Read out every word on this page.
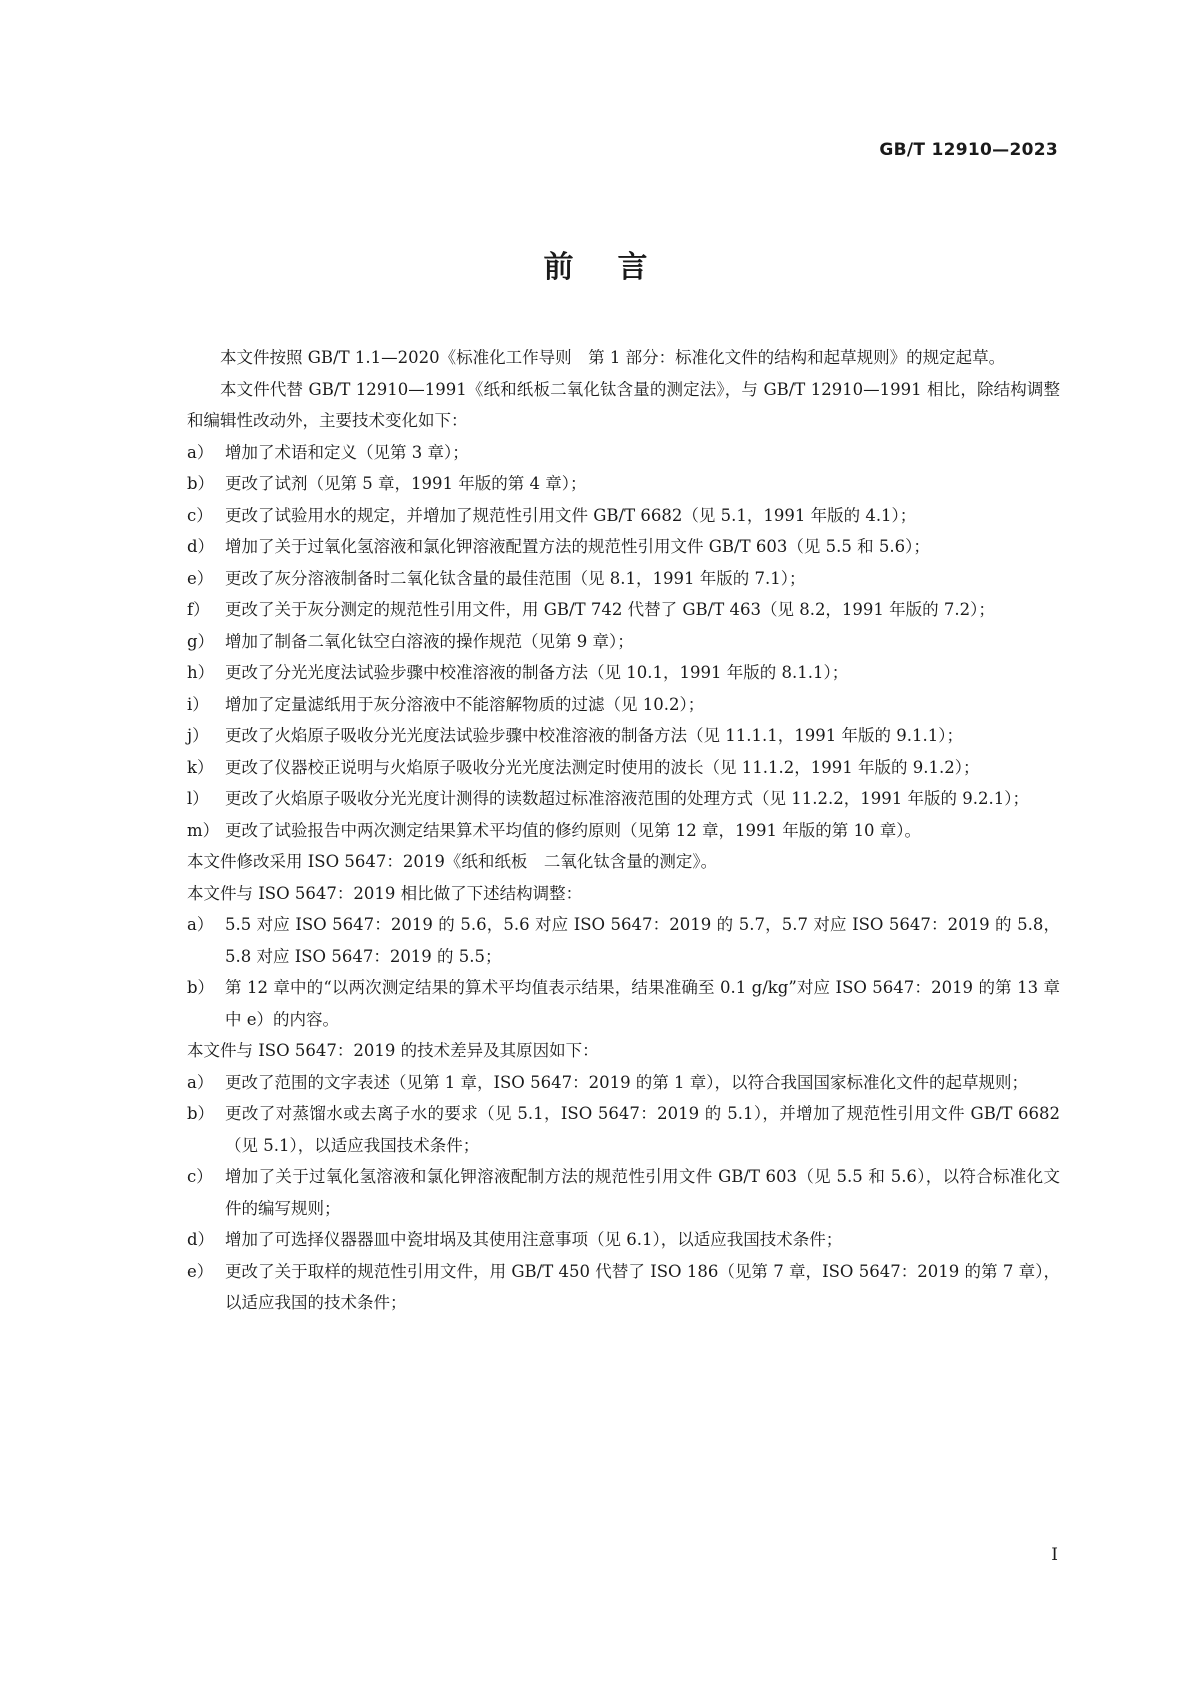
GB/T 12910—2023
前言

本文件按照 GB/T 1.1—2020《标准化工作导则　第 1 部分：标准化文件的结构和起草规则》的规定起草。

本文件代替 GB/T 12910—1991《纸和纸板二氧化钛含量的测定法》，与 GB/T 12910—1991 相比，除结构调整和编辑性改动外，主要技术变化如下：

a） 增加了术语和定义（见第 3 章）；
b） 更改了试剂（见第 5 章，1991 年版的第 4 章）；
c） 更改了试验用水的规定，并增加了规范性引用文件 GB/T 6682（见 5.1，1991 年版的 4.1）；
d） 增加了关于过氧化氢溶液和氯化钾溶液配置方法的规范性引用文件 GB/T 603（见 5.5 和 5.6）；
e） 更改了灰分溶液制备时二氧化钛含量的最佳范围（见 8.1，1991 年版的 7.1）；
f） 更改了关于灰分测定的规范性引用文件，用 GB/T 742 代替了 GB/T 463（见 8.2，1991 年版的 7.2）；
g） 增加了制备二氧化钛空白溶液的操作规范（见第 9 章）；
h） 更改了分光光度法试验步骤中校准溶液的制备方法（见 10.1，1991 年版的 8.1.1）；
i） 增加了定量滤纸用于灰分溶液中不能溶解物质的过滤（见 10.2）；
j） 更改了火焰原子吸收分光光度法试验步骤中校准溶液的制备方法（见 11.1.1，1991 年版的 9.1.1）；
k） 更改了仪器校正说明与火焰原子吸收分光光度法测定时使用的波长（见 11.1.2，1991 年版的 9.1.2）；
l） 更改了火焰原子吸收分光光度计测得的读数超过标准溶液范围的处理方式（见 11.2.2，1991 年版的 9.2.1）；
m） 更改了试验报告中两次测定结果算术平均值的修约原则（见第 12 章，1991 年版的第 10 章）。

本文件修改采用 ISO 5647：2019《纸和纸板　二氧化钛含量的测定》。

本文件与 ISO 5647：2019 相比做了下述结构调整：

a） 5.5 对应 ISO 5647：2019 的 5.6，5.6 对应 ISO 5647：2019 的 5.7，5.7 对应 ISO 5647：2019 的 5.8，5.8 对应 ISO 5647：2019 的 5.5；
b） 第 12 章中的“以两次测定结果的算术平均值表示结果，结果准确至 0.1 g/kg”对应 ISO 5647：2019 的第 13 章中 e）的内容。

本文件与 ISO 5647：2019 的技术差异及其原因如下：

a） 更改了范围的文字表述（见第 1 章，ISO 5647：2019 的第 1 章），以符合我国国家标准化文件的起草规则；
b） 更改了对蒸馏水或去离子水的要求（见 5.1，ISO 5647：2019 的 5.1），并增加了规范性引用文件 GB/T 6682（见 5.1），以适应我国技术条件；
c） 增加了关于过氧化氢溶液和氯化钾溶液配制方法的规范性引用文件 GB/T 603（见 5.5 和 5.6），以符合标准化文件的编写规则；
d） 增加了可选择仪器器皿中瓷坩埚及其使用注意事项（见 6.1），以适应我国技术条件；
e） 更改了关于取样的规范性引用文件，用 GB/T 450 代替了 ISO 186（见第 7 章，ISO 5647：2019 的第 7 章），以适应我国的技术条件；
I
